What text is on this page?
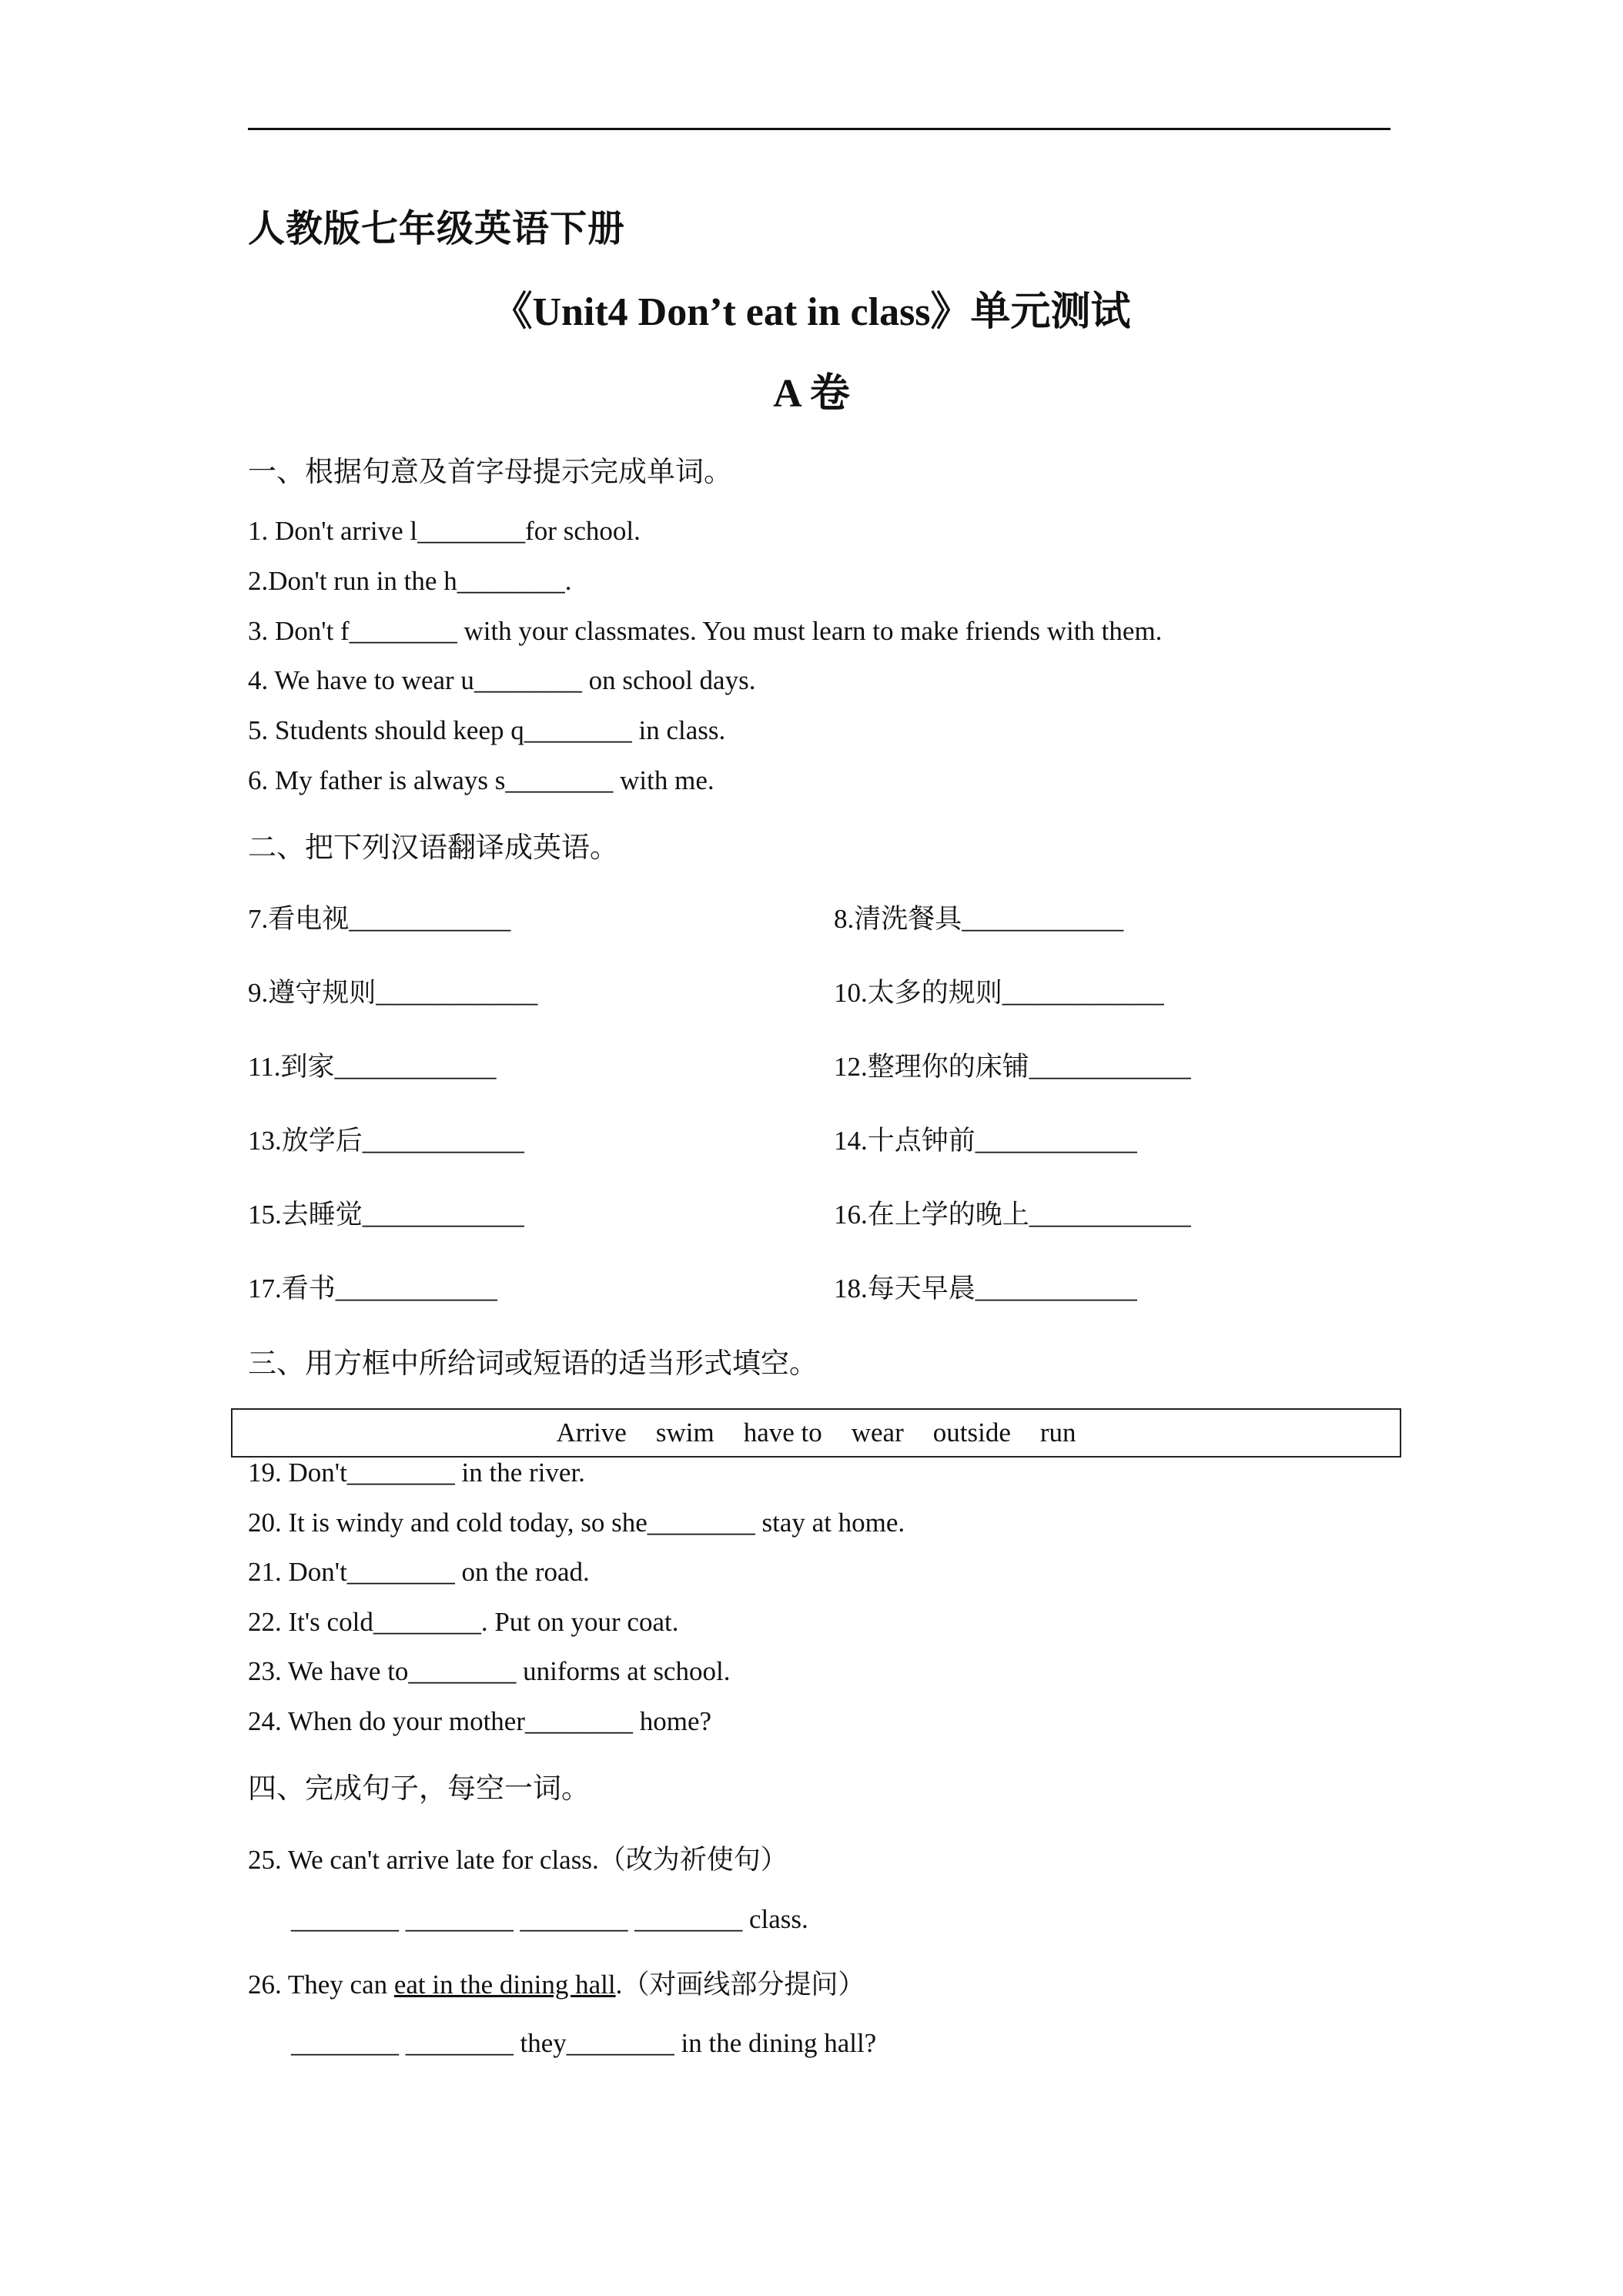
人教版七年级英语下册
《Unit4 Don’t eat in class》单元测试
A 卷
一、根据句意及首字母提示完成单词。
1. Don't arrive l________for school.
2.Don't run in the h________.
3. Don't f________ with your classmates. You must learn to make friends with them.
4. We have to wear u________ on school days.
5. Students should keep q________ in class.
6. My father is always s________ with me.
二、把下列汉语翻译成英语。
7.看电视____________	8.清洗餐具____________
9.遵守规则____________	10.太多的规则____________
11.到家____________	12.整理你的床铺____________
13.放学后____________	14.十点钟前____________
15.去睡觉____________	16.在上学的晚上____________
17.看书____________	18.每天早晨____________
三、用方框中所给词或短语的适当形式填空。
Arrive swim have to wear outside run
19. Don't________ in the river.
20. It is windy and cold today, so she________ stay at home.
21. Don't________ on the road.
22. It's cold________. Put on your coat.
23. We have to________ uniforms at school.
24. When do your mother________ home?
四、完成句子，每空一词。
25. We can't arrive late for class.（改为祈使句）
________ ________ ________ ________ class.
26. They can eat in the dining hall.（对画线部分提问）
________ ________ they________ in the dining hall?
